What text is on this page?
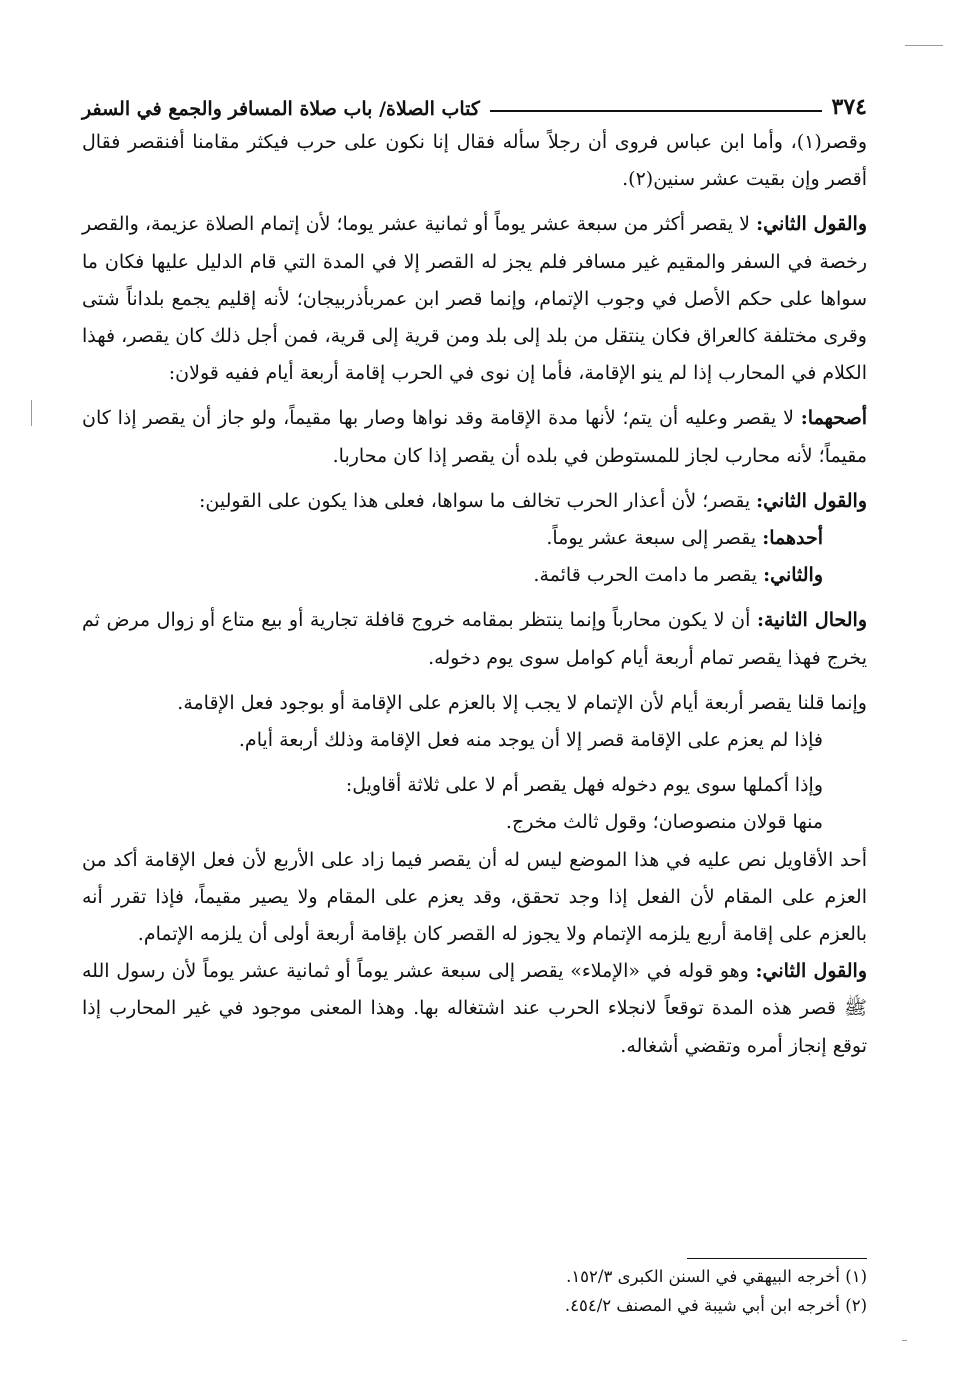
كتاب الصلاة/ باب صلاة المسافر والجمع في السفر	٣٧٤

وقصر(١)، وأما ابن عباس فروى أن رجلاً سأله فقال إنا نكون على حرب فيكثر مقامنا أفنقصر فقال أقصر وإن بقيت عشر سنين(٢).

والقول الثاني: لا يقصر أكثر من سبعة عشر يوماً أو ثمانية عشر يوما؛ لأن إتمام الصلاة عزيمة، والقصر رخصة في السفر والمقيم غير مسافر فلم يجز له القصر إلا في المدة التي قام الدليل عليها فكان ما سواها على حكم الأصل في وجوب الإتمام، وإنما قصر ابن عمربأذربيجان؛ لأنه إقليم يجمع بلداناً شتى وقرى مختلفة كالعراق فكان ينتقل من بلد إلى بلد ومن قرية إلى قرية، فمن أجل ذلك كان يقصر، فهذا الكلام في المحارب إذا لم ينو الإقامة، فأما إن نوى في الحرب إقامة أربعة أيام ففيه قولان:

أصحهما: لا يقصر وعليه أن يتم؛ لأنها مدة الإقامة وقد نواها وصار بها مقيماً، ولو جاز أن يقصر إذا كان مقيماً؛ لأنه محارب لجاز للمستوطن في بلده أن يقصر إذا كان محاربا.

والقول الثاني: يقصر؛ لأن أعذار الحرب تخالف ما سواها، فعلى هذا يكون على القولين:

أحدهما: يقصر إلى سبعة عشر يوماً.

والثاني: يقصر ما دامت الحرب قائمة.

والحال الثانية: أن لا يكون محارباً وإنما ينتظر بمقامه خروج قافلة تجارية أو بيع متاع أو زوال مرض ثم يخرج فهذا يقصر تمام أربعة أيام كوامل سوى يوم دخوله.

وإنما قلنا يقصر أربعة أيام لأن الإتمام لا يجب إلا بالعزم على الإقامة أو بوجود فعل الإقامة.

فإذا لم يعزم على الإقامة قصر إلا أن يوجد منه فعل الإقامة وذلك أربعة أيام.

وإذا أكملها سوى يوم دخوله فهل يقصر أم لا على ثلاثة أقاويل:

منها قولان منصوصان؛ وقول ثالث مخرج.

أحد الأقاويل نص عليه في هذا الموضع ليس له أن يقصر فيما زاد على الأربع لأن فعل الإقامة أكد من العزم على المقام لأن الفعل إذا وجد تحقق، وقد يعزم على المقام ولا يصير مقيماً، فإذا تقرر أنه بالعزم على إقامة أربع يلزمه الإتمام ولا يجوز له القصر كان بإقامة أربعة أولى أن يلزمه الإتمام.

والقول الثاني: وهو قوله في «الإملاء» يقصر إلى سبعة عشر يوماً أو ثمانية عشر يوماً لأن رسول الله ﷺ قصر هذه المدة توقعاً لانجلاء الحرب عند اشتغاله بها. وهذا المعنى موجود في غير المحارب إذا توقع إنجاز أمره وتقضي أشغاله.

(١) أخرجه البيهقي في السنن الكبرى ١٥٢/٣.

(٢) أخرجه ابن أبي شيبة في المصنف ٤٥٤/٢.
